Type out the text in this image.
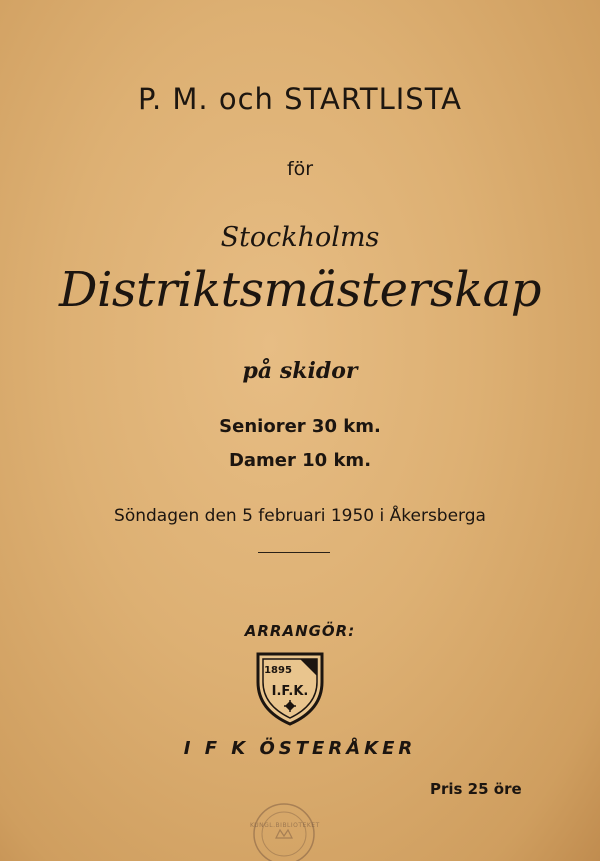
P. M. och STARTLISTA
för
Stockholms
Distriktsmästerskap
på skidor
Seniorer 30 km.
Damer 10 km.
Söndagen den 5 februari 1950 i Åkersberga
ARRANGÖR:
1895
I.F.K.
I F K ÖSTERÅKER
Pris 25 öre
KUNGL.BIBLIOTEKET
